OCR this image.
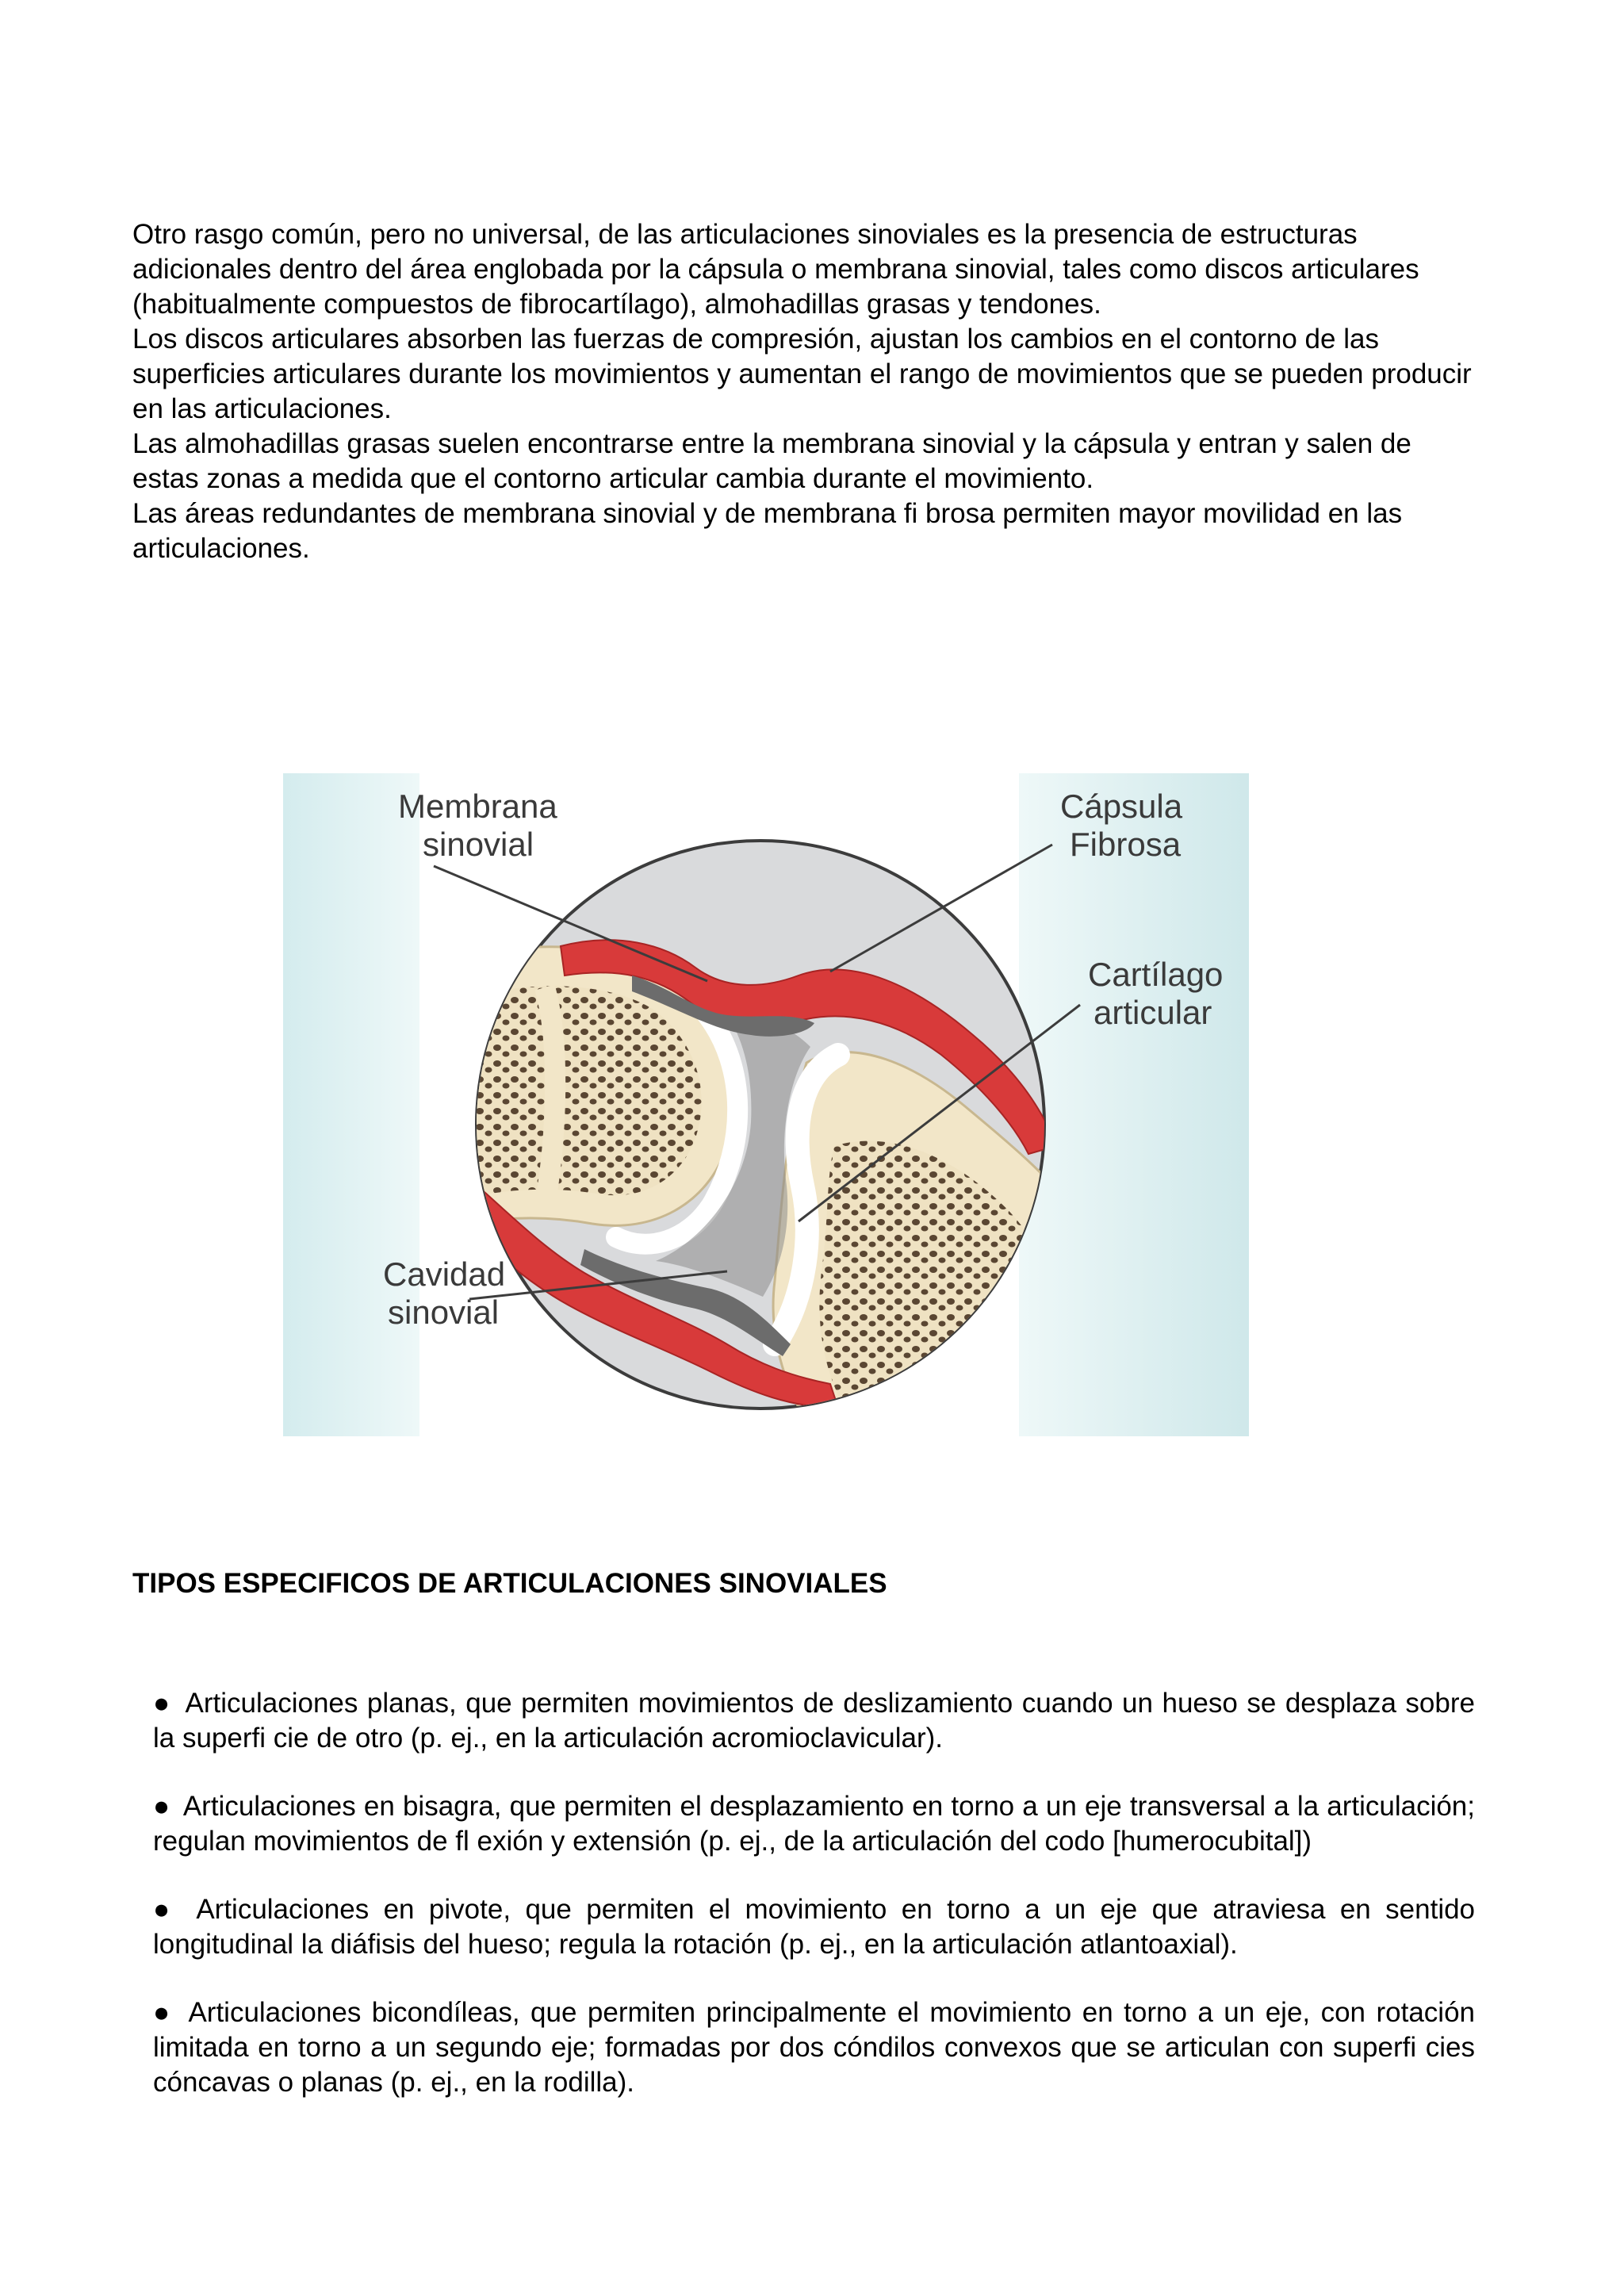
Otro rasgo común, pero no universal, de las articulaciones sinoviales es la presencia de estructuras adicionales dentro del área englobada por la cápsula o membrana sinovial, tales como discos articulares (habitualmente compuestos de fibrocartílago), almohadillas grasas y tendones.

Los discos articulares absorben las fuerzas de compresión, ajustan los cambios en el contorno de las superficies articulares durante los movimientos y aumentan el rango de movimientos que se pueden producir en las articulaciones.

Las almohadillas grasas suelen encontrarse entre la membrana sinovial y la cápsula y entran y salen de estas zonas a medida que el contorno articular cambia durante el movimiento.

Las áreas redundantes de membrana sinovial y de membrana fi brosa permiten mayor movilidad en las articulaciones.

Membrana
sinovial
Cápsula
Fibrosa
Cartílago
articular
Cavidad
sinovial
TIPOS ESPECIFICOS DE ARTICULACIONES SINOVIALES
● Articulaciones planas, que permiten movimientos de deslizamiento cuando un hueso se desplaza sobre la superfi cie de otro (p. ej., en la articulación acromioclavicular).
● Articulaciones en bisagra, que permiten el desplazamiento en torno a un eje transversal a la articulación; regulan movimientos de fl exión y extensión (p. ej., de la articulación del codo [humerocubital])
● Articulaciones en pivote, que permiten el movimiento en torno a un eje que atraviesa en sentido longitudinal la diáfisis del hueso; regula la rotación (p. ej., en la articulación atlantoaxial).
● Articulaciones bicondíleas, que permiten principalmente el movimiento en torno a un eje, con rotación limitada en torno a un segundo eje; formadas por dos cóndilos convexos que se articulan con superfi cies cóncavas o planas (p. ej., en la rodilla).
